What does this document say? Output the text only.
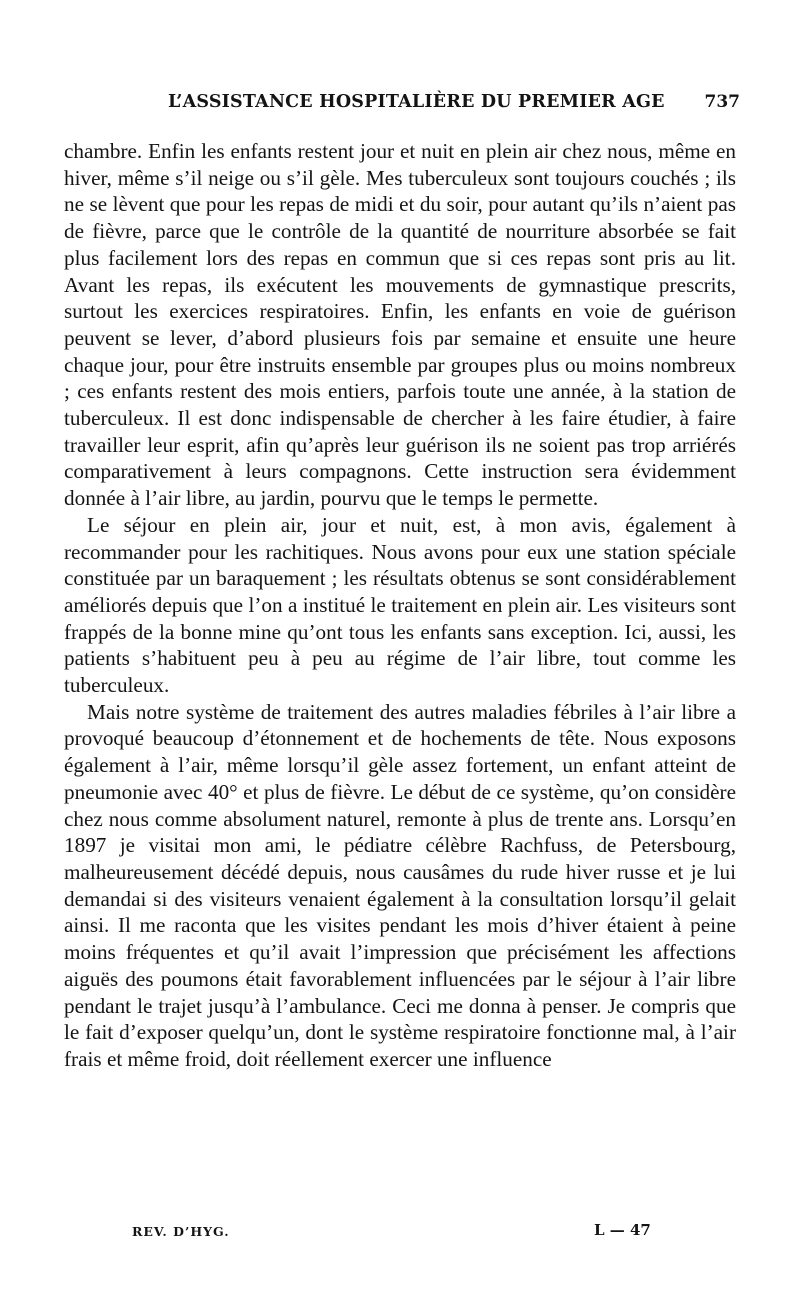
L’ASSISTANCE HOSPITALIÈRE DU PREMIER AGE 737

chambre. Enfin les enfants restent jour et nuit en plein air chez nous, même en hiver, même s’il neige ou s’il gèle. Mes tuberculeux sont toujours couchés ; ils ne se lèvent que pour les repas de midi et du soir, pour autant qu’ils n’aient pas de fièvre, parce que le contrôle de la quantité de nourriture absorbée se fait plus facilement lors des repas en commun que si ces repas sont pris au lit. Avant les repas, ils exécutent les mouvements de gymnastique prescrits, surtout les exercices respiratoires. Enfin, les enfants en voie de guérison peuvent se lever, d’abord plusieurs fois par semaine et ensuite une heure chaque jour, pour être instruits ensemble par groupes plus ou moins nombreux ; ces enfants restent des mois entiers, parfois toute une année, à la station de tuberculeux. Il est donc indispensable de chercher à les faire étudier, à faire travailler leur esprit, afin qu’après leur guérison ils ne soient pas trop arriérés comparativement à leurs compagnons. Cette instruction sera évidemment donnée à l’air libre, au jardin, pourvu que le temps le permette.

Le séjour en plein air, jour et nuit, est, à mon avis, également à recommander pour les rachitiques. Nous avons pour eux une station spéciale constituée par un baraquement ; les résultats obtenus se sont considérablement améliorés depuis que l’on a institué le traitement en plein air. Les visiteurs sont frappés de la bonne mine qu’ont tous les enfants sans exception. Ici, aussi, les patients s’habituent peu à peu au régime de l’air libre, tout comme les tuberculeux.

Mais notre système de traitement des autres maladies fébriles à l’air libre a provoqué beaucoup d’étonnement et de hochements de tête. Nous exposons également à l’air, même lorsqu’il gèle assez fortement, un enfant atteint de pneumonie avec 40° et plus de fièvre. Le début de ce système, qu’on considère chez nous comme absolument naturel, remonte à plus de trente ans. Lorsqu’en 1897 je visitai mon ami, le pédiatre célèbre Rachfuss, de Petersbourg, malheureusement décédé depuis, nous causâmes du rude hiver russe et je lui demandai si des visiteurs venaient également à la consultation lorsqu’il gelait ainsi. Il me raconta que les visites pendant les mois d’hiver étaient à peine moins fréquentes et qu’il avait l’impression que précisément les affections aiguës des poumons était favorablement influencées par le séjour à l’air libre pendant le trajet jusqu’à l’ambulance. Ceci me donna à penser. Je compris que le fait d’exposer quelqu’un, dont le système respiratoire fonctionne mal, à l’air frais et même froid, doit réellement exercer une influence

REV. D’HYG.	L — 47
